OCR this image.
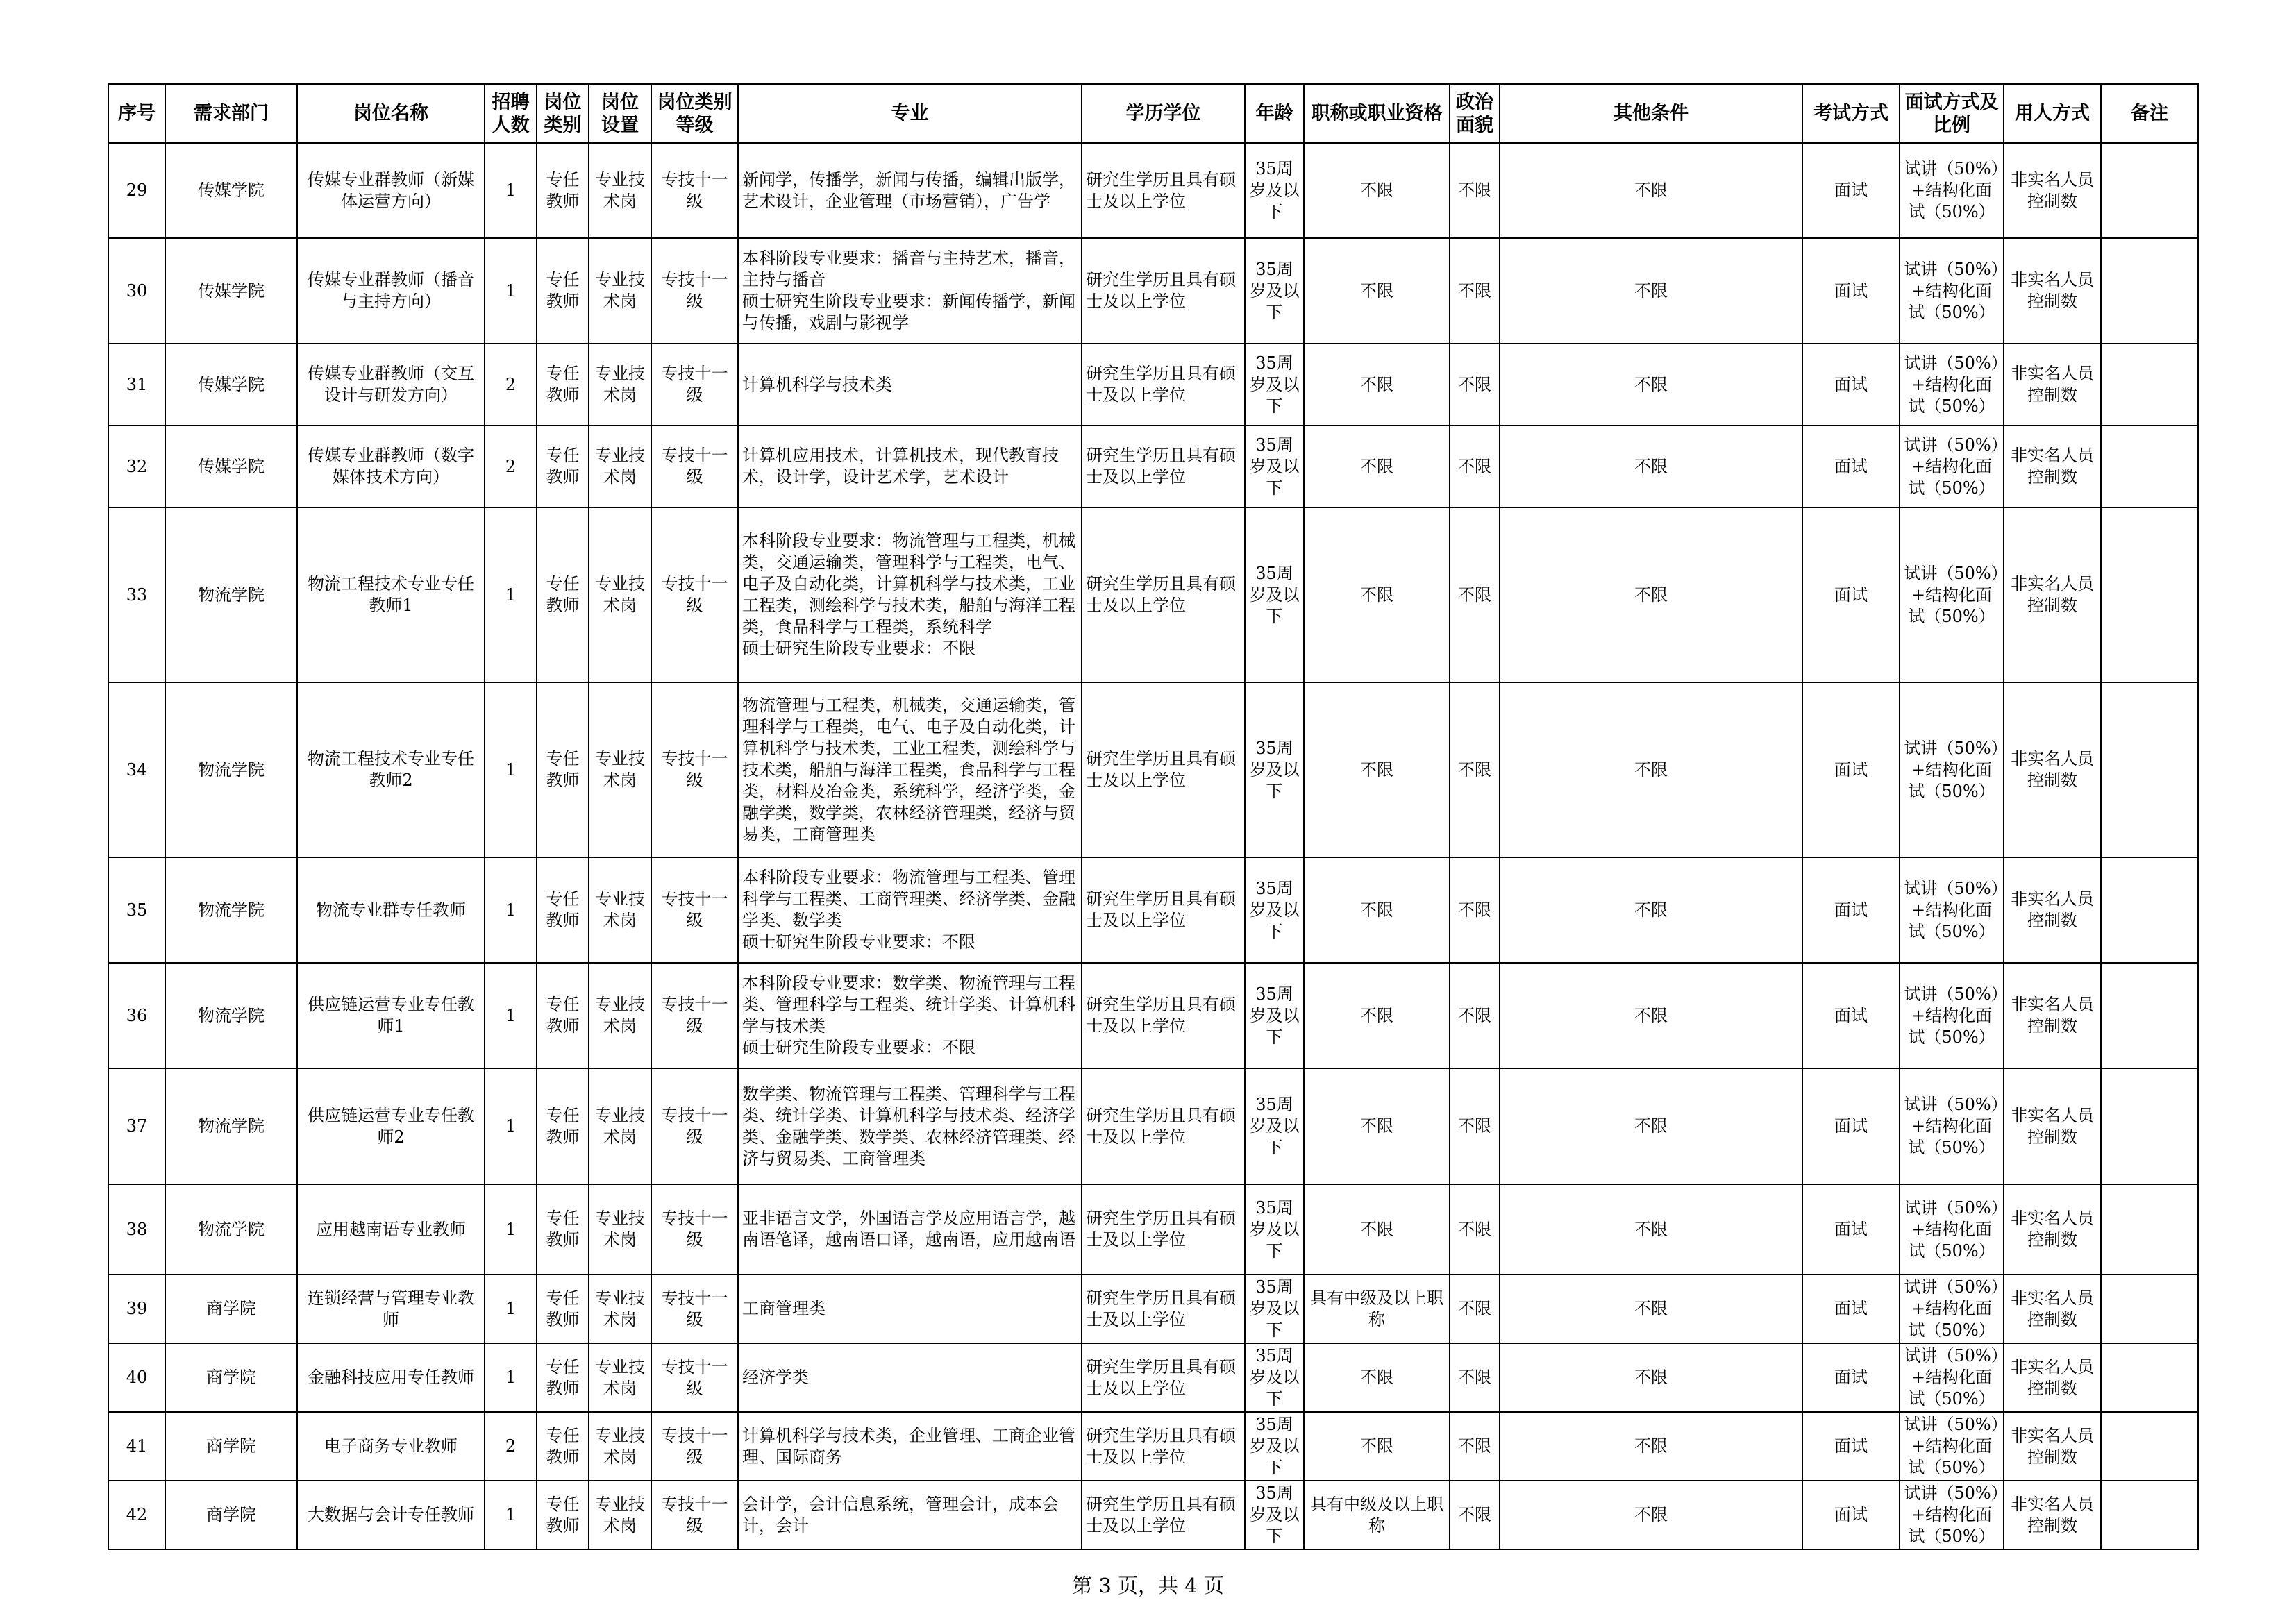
序号	需求部门	岗位名称	招聘人数	岗位类别	岗位设置	岗位类别等级	专业	学历学位	年龄	职称或职业资格	政治面貌	其他条件	考试方式	面试方式及比例	用人方式	备注
29	传媒学院	传媒专业群教师（新媒体运营方向）	1	专任教师	专业技术岗	专技十一级	新闻学，传播学，新闻与传播，编辑出版学，艺术设计，企业管理（市场营销），广告学	研究生学历且具有硕士及以上学位	35周岁及以下	不限	不限	不限	面试	试讲（50%）+结构化面试（50%）	非实名人员控制数	
30	传媒学院	传媒专业群教师（播音与主持方向）	1	专任教师	专业技术岗	专技十一级	本科阶段专业要求：播音与主持艺术，播音，主持与播音
硕士研究生阶段专业要求：新闻传播学，新闻与传播，戏剧与影视学	研究生学历且具有硕士及以上学位	35周岁及以下	不限	不限	不限	面试	试讲（50%）+结构化面试（50%）	非实名人员控制数	
31	传媒学院	传媒专业群教师（交互设计与研发方向）	2	专任教师	专业技术岗	专技十一级	计算机科学与技术类	研究生学历且具有硕士及以上学位	35周岁及以下	不限	不限	不限	面试	试讲（50%）+结构化面试（50%）	非实名人员控制数	
32	传媒学院	传媒专业群教师（数字媒体技术方向）	2	专任教师	专业技术岗	专技十一级	计算机应用技术，计算机技术，现代教育技术，设计学，设计艺术学，艺术设计	研究生学历且具有硕士及以上学位	35周岁及以下	不限	不限	不限	面试	试讲（50%）+结构化面试（50%）	非实名人员控制数	
33	物流学院	物流工程技术专业专任教师1	1	专任教师	专业技术岗	专技十一级	本科阶段专业要求：物流管理与工程类，机械类，交通运输类，管理科学与工程类，电气、电子及自动化类，计算机科学与技术类，工业工程类，测绘科学与技术类，船舶与海洋工程类，食品科学与工程类，系统科学
硕士研究生阶段专业要求：不限	研究生学历且具有硕士及以上学位	35周岁及以下	不限	不限	不限	面试	试讲（50%）+结构化面试（50%）	非实名人员控制数	
34	物流学院	物流工程技术专业专任教师2	1	专任教师	专业技术岗	专技十一级	物流管理与工程类，机械类，交通运输类，管理科学与工程类，电气、电子及自动化类，计算机科学与技术类，工业工程类，测绘科学与技术类，船舶与海洋工程类，食品科学与工程类，材料及冶金类，系统科学，经济学类，金融学类，数学类，农林经济管理类，经济与贸易类，工商管理类	研究生学历且具有硕士及以上学位	35周岁及以下	不限	不限	不限	面试	试讲（50%）+结构化面试（50%）	非实名人员控制数	
35	物流学院	物流专业群专任教师	1	专任教师	专业技术岗	专技十一级	本科阶段专业要求：物流管理与工程类、管理科学与工程类、工商管理类、经济学类、金融学类、数学类
硕士研究生阶段专业要求：不限	研究生学历且具有硕士及以上学位	35周岁及以下	不限	不限	不限	面试	试讲（50%）+结构化面试（50%）	非实名人员控制数	
36	物流学院	供应链运营专业专任教师1	1	专任教师	专业技术岗	专技十一级	本科阶段专业要求：数学类、物流管理与工程类、管理科学与工程类、统计学类、计算机科学与技术类
硕士研究生阶段专业要求：不限	研究生学历且具有硕士及以上学位	35周岁及以下	不限	不限	不限	面试	试讲（50%）+结构化面试（50%）	非实名人员控制数	
37	物流学院	供应链运营专业专任教师2	1	专任教师	专业技术岗	专技十一级	数学类、物流管理与工程类、管理科学与工程类、统计学类、计算机科学与技术类、经济学类、金融学类、数学类、农林经济管理类、经济与贸易类、工商管理类	研究生学历且具有硕士及以上学位	35周岁及以下	不限	不限	不限	面试	试讲（50%）+结构化面试（50%）	非实名人员控制数	
38	物流学院	应用越南语专业教师	1	专任教师	专业技术岗	专技十一级	亚非语言文学，外国语言学及应用语言学，越南语笔译，越南语口译，越南语，应用越南语	研究生学历且具有硕士及以上学位	35周岁及以下	不限	不限	不限	面试	试讲（50%）+结构化面试（50%）	非实名人员控制数	
39	商学院	连锁经营与管理专业教师	1	专任教师	专业技术岗	专技十一级	工商管理类	研究生学历且具有硕士及以上学位	35周岁及以下	具有中级及以上职称	不限	不限	面试	试讲（50%）+结构化面试（50%）	非实名人员控制数	
40	商学院	金融科技应用专任教师	1	专任教师	专业技术岗	专技十一级	经济学类	研究生学历且具有硕士及以上学位	35周岁及以下	不限	不限	不限	面试	试讲（50%）+结构化面试（50%）	非实名人员控制数	
41	商学院	电子商务专业教师	2	专任教师	专业技术岗	专技十一级	计算机科学与技术类，企业管理、工商企业管理、国际商务	研究生学历且具有硕士及以上学位	35周岁及以下	不限	不限	不限	面试	试讲（50%）+结构化面试（50%）	非实名人员控制数	
42	商学院	大数据与会计专任教师	1	专任教师	专业技术岗	专技十一级	会计学，会计信息系统，管理会计，成本会计，会计	研究生学历且具有硕士及以上学位	35周岁及以下	具有中级及以上职称	不限	不限	面试	试讲（50%）+结构化面试（50%）	非实名人员控制数	
第 3 页，共 4 页
